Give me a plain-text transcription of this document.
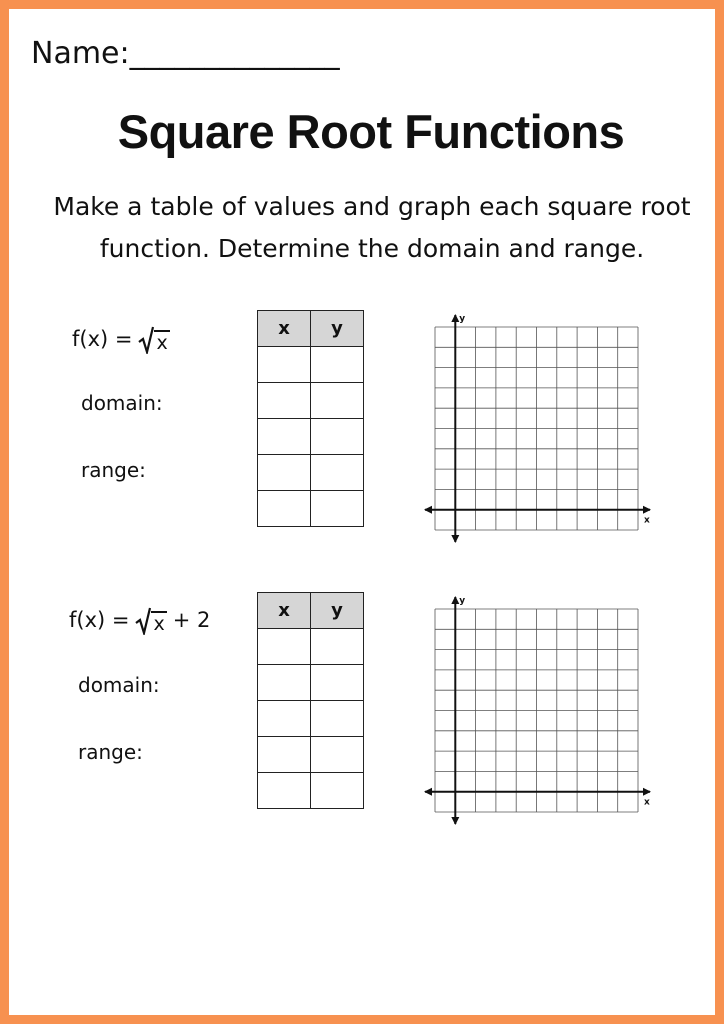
Name:______________
Square Root Functions
Make a table of values and graph each square root
function. Determine the domain and range.
f(x) = x
domain:
range:
x	y

x
y
f(x) = x + 2
domain:
range:
x	y

x
y
